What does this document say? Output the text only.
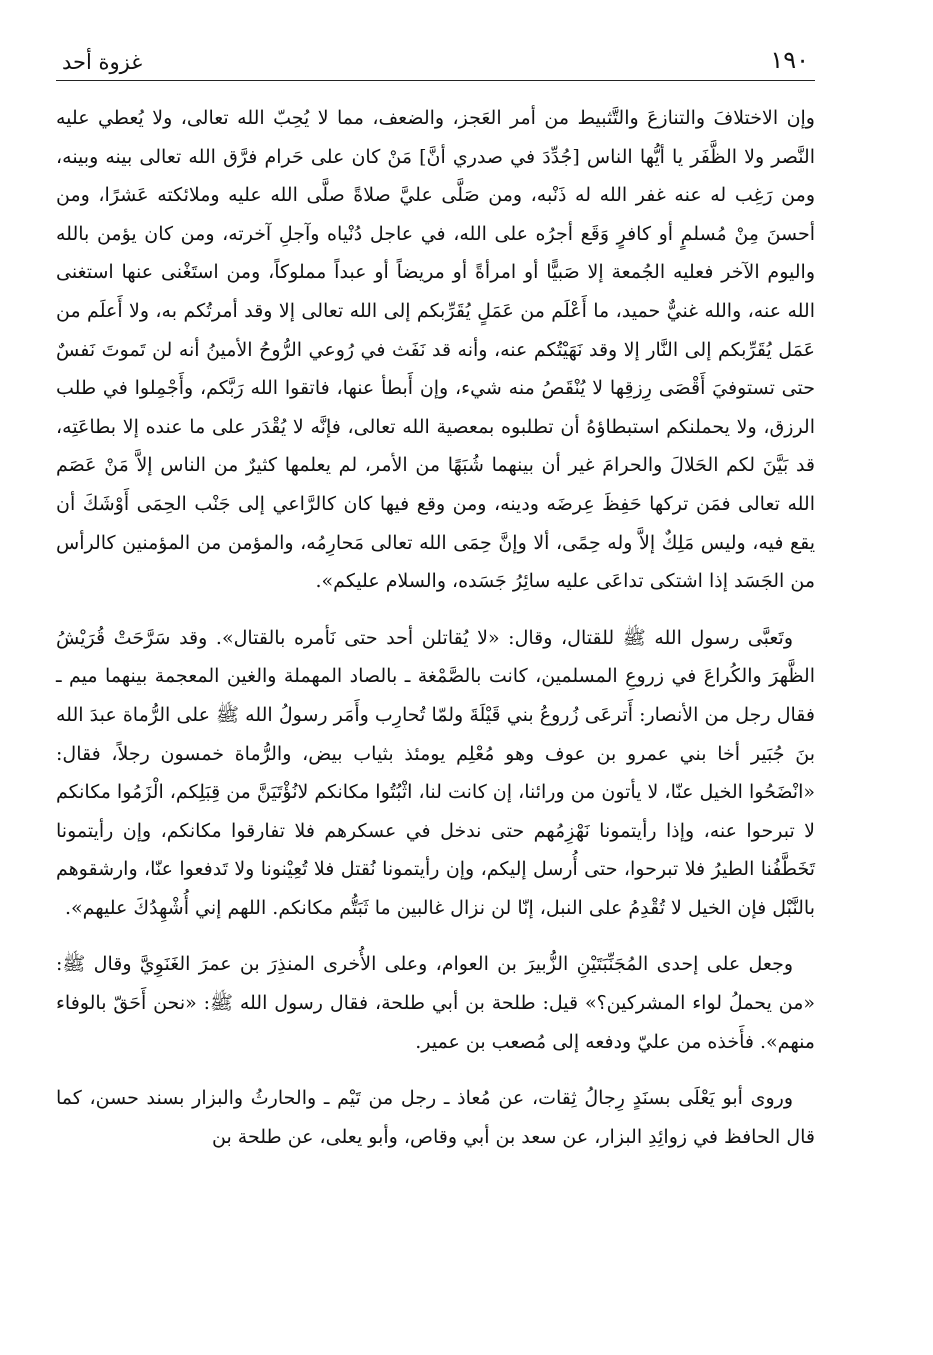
١٩٠
غزوة أحد

وإن الاختلافَ والتنازعَ والتَّثبيط من أمر العَجز، والضعف، مما لا يُحِبّ الله تعالى، ولا يُعطي عليه النَّصر ولا الظَّفَر يا أيُّها الناس [جُدِّدَ في صدري أنَّ] مَنْ كان على حَرام فرَّق الله تعالى بينه وبينه، ومن رَغِب له عنه غفر الله له ذَنْبه، ومن صَلَّى عليَّ صلاةً صلَّى الله عليه وملائكته عَشرًا، ومن أحسنَ مِنْ مُسلمٍ أو كافرٍ وَقَع أجرُه على الله، في عاجل دُنْياه وآجلِ آخرته، ومن كان يؤمن بالله واليوم الآخر فعليه الجُمعة إلا صَبيًّا أو امرأةً أو مريضاً أو عبداً مملوكاً، ومن استَغْنى عنها استغنى الله عنه، والله غنيٌّ حميد، ما أَعْلَم من عَمَلٍ يُقَرِّبكم إلى الله تعالى إلا وقد أمرتُكم به، ولا أَعلَم من عَمَل يُقَرِّبكم إلى النَّار إلا وقد نَهَيْتُكم عنه، وأنه قد نَفَث في رُوعي الرُّوحُ الأمينُ أنه لن تَموتَ نَفسٌ حتى تستوفيَ أَقْصَى رِزقِها لا يُنْقَصُ منه شيء، وإن أَبطأ عنها، فاتقوا الله رَبَّكم، وأَجْمِلوا في طلب الرزق، ولا يحملنكم استبطاؤهُ أن تطلبوه بمعصية الله تعالى، فإنَّه لا يُقْدَر على ما عنده إلا بطاعَتِه، قد بَيَّنَ لكم الحَلالَ والحرامَ غير أن بينهما شُبَهًا من الأمر، لم يعلمها كثيرٌ من الناس إلاَّ مَنْ عَصَم الله تعالى فمَن تركها حَفِظَ عِرضَه ودينه، ومن وقع فيها كان كالرَّاعي إلى جَنْب الحِمَى أَوْشَكَ أن يقع فيه، وليس مَلِكٌ إلاَّ وله حِمًى، ألا وإنَّ حِمَى الله تعالى مَحارِمُه، والمؤمن من المؤمنين كالرأس من الجَسَد إذا اشتكى تداعَى عليه سائِرُ جَسَده، والسلام عليكم».

وتَعبَّى رسول الله ﷺ للقتال، وقال: «لا يُقاتلن أحد حتى نَأمره بالقتال». وقد سَرَّحَتْ قُرَيْشُ الظَّهرَ والكُراعَ في زروعِ المسلمين، كانت بالصَّمْغة ـ بالصاد المهملة والغين المعجمة بينهما ميم ـ فقال رجل من الأنصار: أَترعَى زُروعُ بني قَيْلَةَ ولمّا تُحارِب وأَمَر رسولُ الله ﷺ على الرُّماة عبدَ الله بنَ جُبَير أخا بني عمرو بن عوف وهو مُعْلِم يومئذ بثياب بيض، والرُّماة خمسون رجلاً، فقال: «انْضَحُوا الخيل عنّا، لا يأتون من ورائنا، إن كانت لنا، اثْبُتُوا مكانكم لانُؤْتَيَنَّ من قِبَلِكم، الْزَمُوا مكانكم لا تبرحوا عنه، وإذا رأيتمونا نَهْزِمُهم حتى ندخل في عسكرهم فلا تفارقوا مكانكم، وإن رأيتمونا تَخَطَّفُنا الطيرُ فلا تبرحوا، حتى أُرسل إليكم، وإن رأيتمونا نُقتل فلا تُعِيْنونا ولا تَدفعوا عنّا، وارشقوهم بالنَّبْل فإن الخيل لا تُقْدِمُ على النبل، إنّا لن نزال غالبين ما ثَبَتُّم مكانكم. اللهم إني أُشْهِدُكَ عليهم».

وجعل على إحدى المُجَنِّبَتَيْنِ الزُّبيرَ بن العوام، وعلى الأُخرى المنذِرَ بن عمرَ الغَنَوِيَّ وقال ﷺ: «من يحملُ لواء المشركين؟» قيل: طلحة بن أبي طلحة، فقال رسول الله ﷺ: «نحن أَحَقّ بالوفاء منهم». فأَخذه من عليّ ودفعه إلى مُصعب بن عمير.

وروى أبو يَعْلَى بسنَدٍ رِجالُ ثِقات، عن مُعاذ ـ رجل من تَيْم ـ والحارثُ والبزار بسند حسن، كما قال الحافظ في زوائِدِ البزار، عن سعد بن أبي وقاص، وأبو يعلى، عن طلحة بن
